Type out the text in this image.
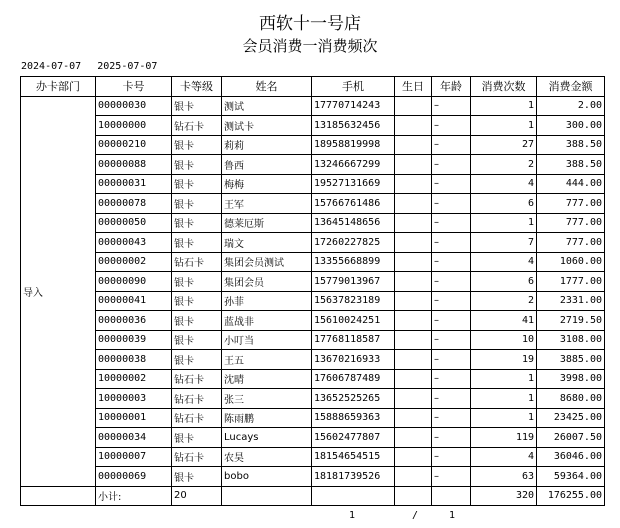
西软十一号店
会员消费一消费频次
2024-07-07 2025-07-07
办卡部门	卡号	卡等级	姓名	手机	生日	年龄	消费次数	消费金额
导入	00000030	银卡	测试	17770714243		–	1	2.00
	10000000	钻石卡	测试卡	13185632456		–	1	300.00
	00000210	银卡	莉莉	18958819998		–	27	388.50
	00000088	银卡	鲁西	13246667299		–	2	388.50
	00000031	银卡	梅梅	19527131669		–	4	444.00
	00000078	银卡	王军	15766761486		–	6	777.00
	00000050	银卡	德莱厄斯	13645148656		–	1	777.00
	00000043	银卡	瑞文	17260227825		–	7	777.00
	00000002	钻石卡	集团会员测试	13355668899		–	4	1060.00
	00000090	银卡	集团会员	15779013967		–	6	1777.00
	00000041	银卡	孙菲	15637823189		–	2	2331.00
	00000036	银卡	蓝战非	15610024251		–	41	2719.50
	00000039	银卡	小叮当	17768118587		–	10	3108.00
	00000038	银卡	王五	13670216933		–	19	3885.00
	10000002	钻石卡	沈晴	17606787489		–	1	3998.00
	10000003	钻石卡	张三	13652525265		–	1	8680.00
	10000001	钻石卡	陈雨鹏	15888659363		–	1	23425.00
	00000034	银卡	Lucays	15602477807		–	119	26007.50
	10000007	钻石卡	农昊	18154654515		–	4	36046.00
	00000069	银卡	bobo	18181739526		–	63	59364.00
	小计:	20					320	176255.00
1	/	1
